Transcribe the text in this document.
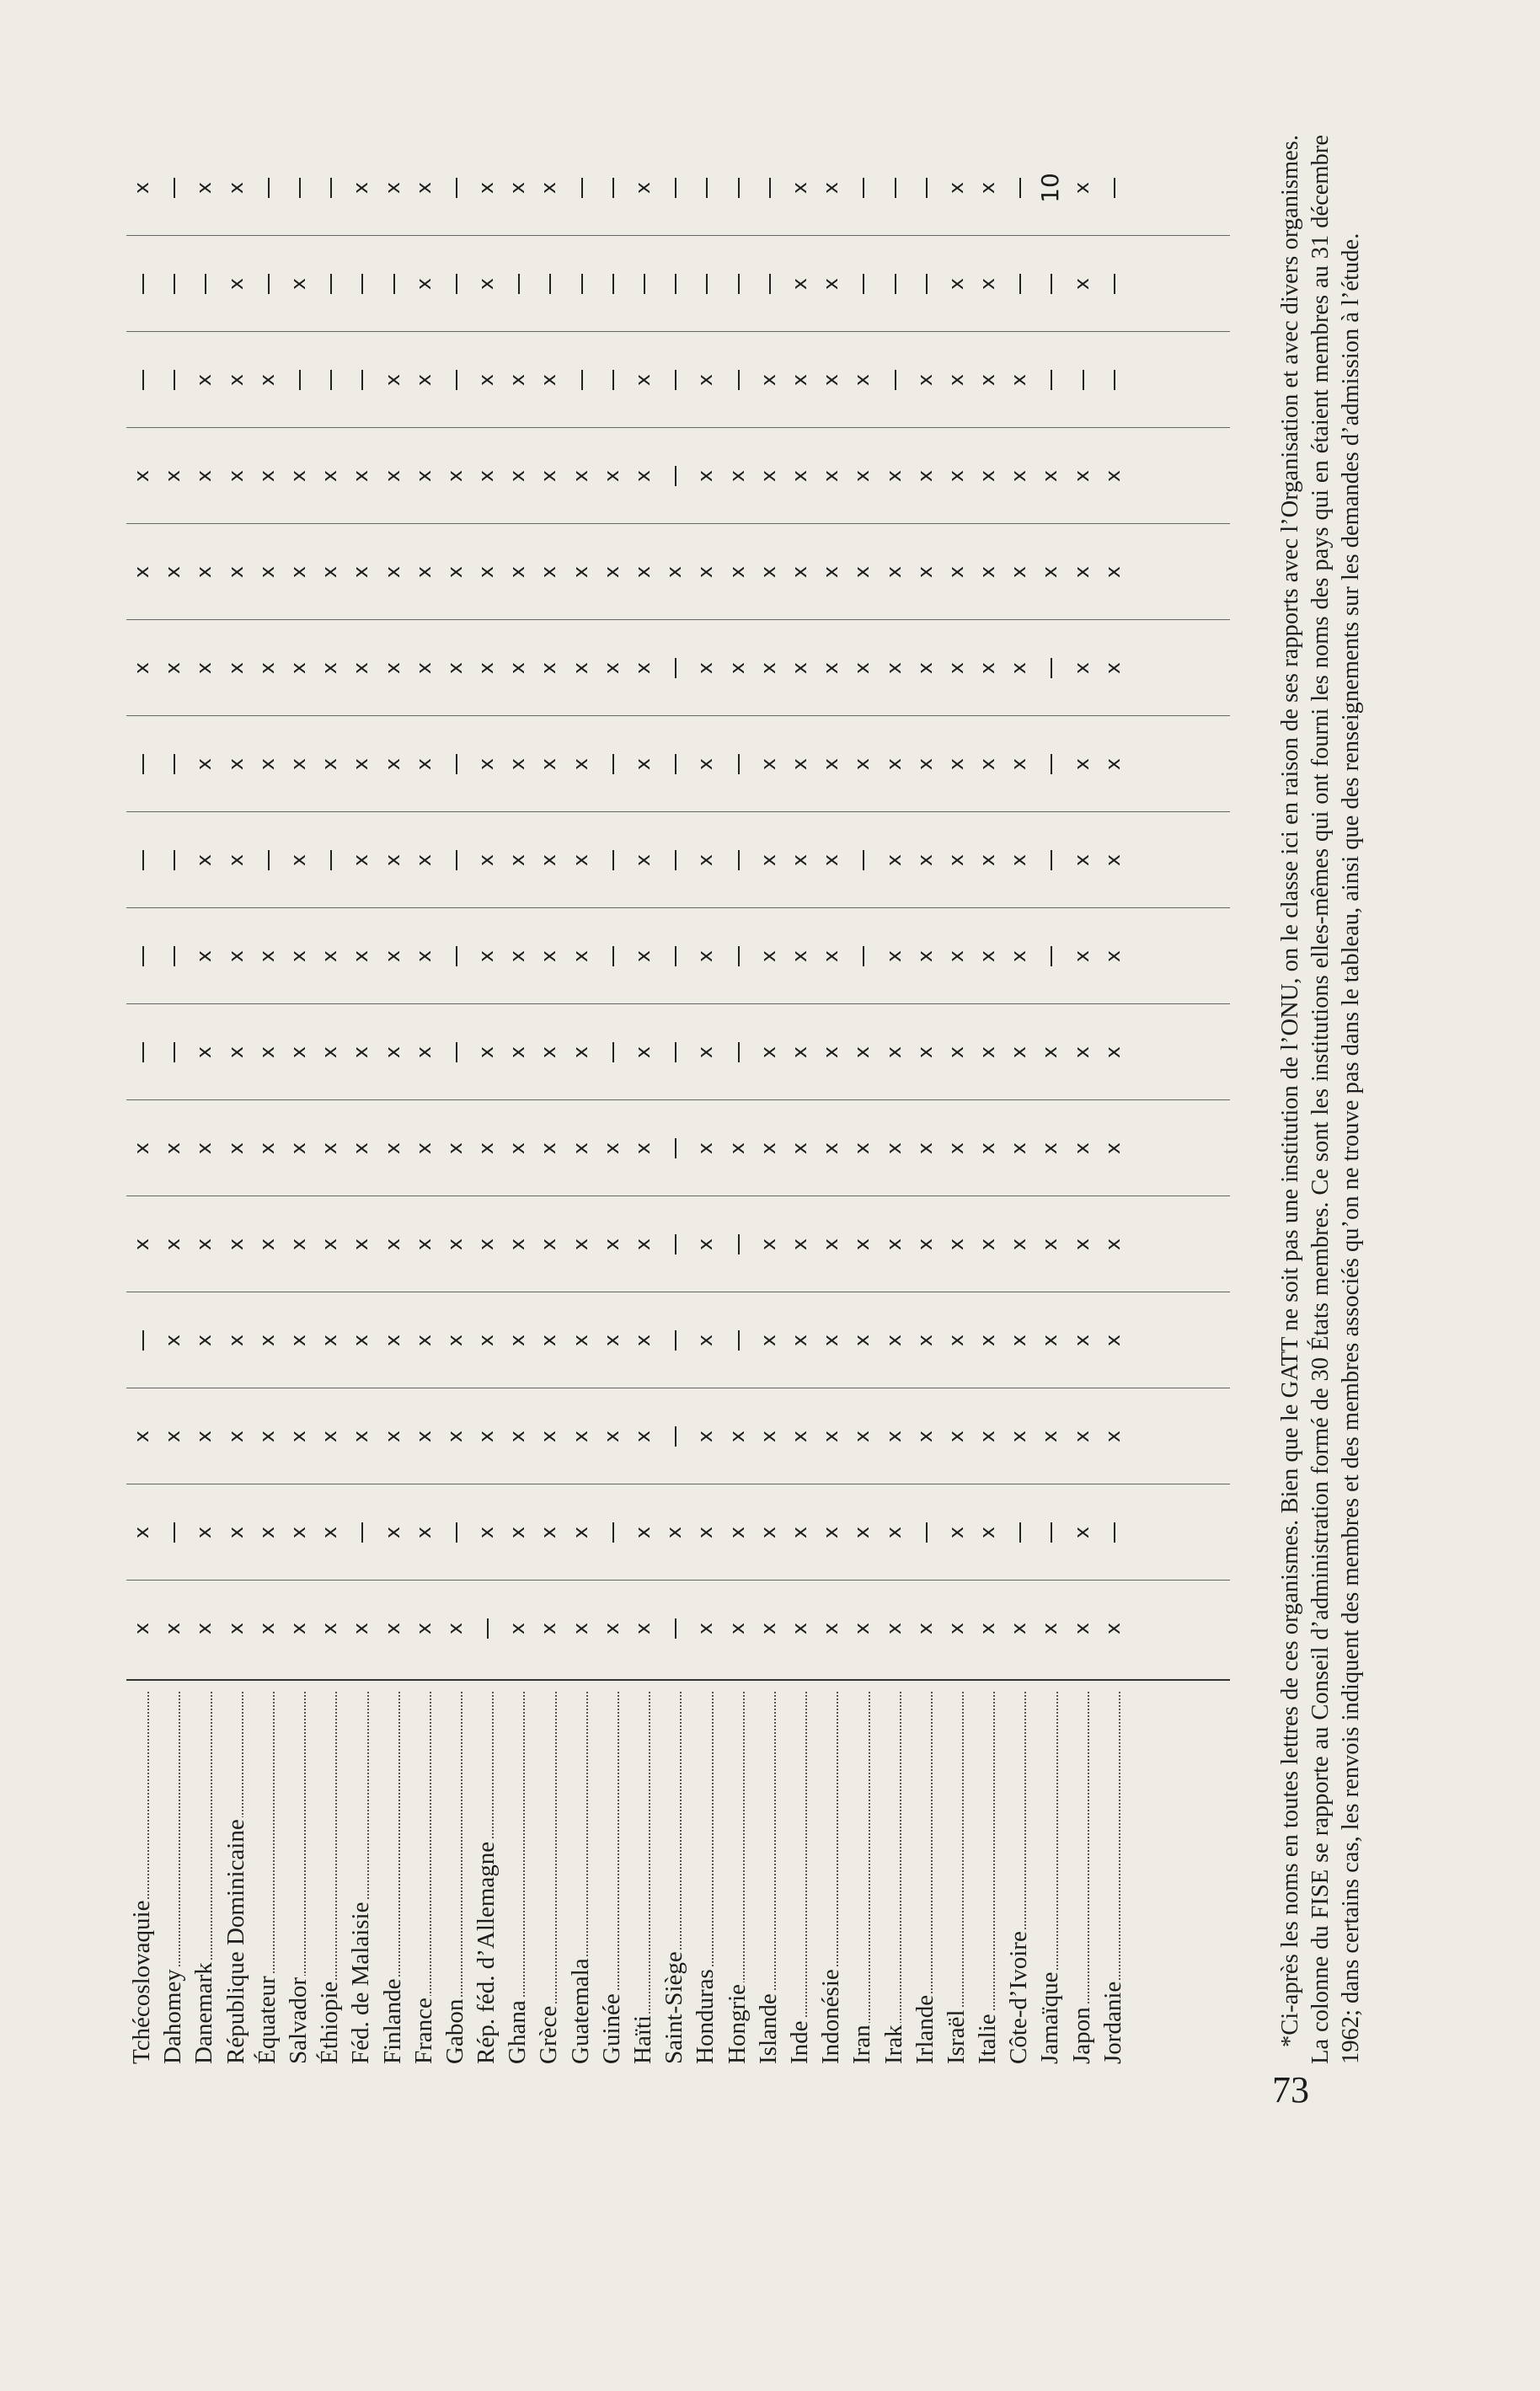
Tchécoslovaquie
x
x
x
x
x
x
x
x
x
Dahomey
x
x
x
x
x
x
x
x
Danemark
x
x
x
x
x
x
x
x
x
x
x
x
x
x
x
République Dominicaine
x
x
x
x
x
x
x
x
x
x
x
x
x
x
x
x
Équateur
x
x
x
x
x
x
x
x
x
x
x
x
x
Salvador
x
x
x
x
x
x
x
x
x
x
x
x
x
x
Éthiopie
x
x
x
x
x
x
x
x
x
x
x
x
Féd. de Malaisie
x
x
x
x
x
x
x
x
x
x
x
x
x
Finlande
x
x
x
x
x
x
x
x
x
x
x
x
x
x
x
France
x
x
x
x
x
x
x
x
x
x
x
x
x
x
x
x
Gabon
x
x
x
x
x
x
x
x
Rép. féd. d’Allemagne
x
x
x
x
x
x
x
x
x
x
x
x
x
x
x
Ghana
x
x
x
x
x
x
x
x
x
x
x
x
x
x
x
Grèce
x
x
x
x
x
x
x
x
x
x
x
x
x
x
x
Guatemala
x
x
x
x
x
x
x
x
x
x
x
x
x
Guinée
x
x
x
x
x
x
x
x
Haïti
x
x
x
x
x
x
x
x
x
x
x
x
x
x
x
Saint-Siège
x
x
Honduras
x
x
x
x
x
x
x
x
x
x
x
x
x
x
Hongrie
x
x
x
x
x
x
x
Islande
x
x
x
x
x
x
x
x
x
x
x
x
x
x
Inde
x
x
x
x
x
x
x
x
x
x
x
x
x
x
x
x
Indonésie
x
x
x
x
x
x
x
x
x
x
x
x
x
x
x
x
Iran
x
x
x
x
x
x
x
x
x
x
x
x
Irak
x
x
x
x
x
x
x
x
x
x
x
x
x
Irlande
x
x
x
x
x
x
x
x
x
x
x
x
x
Israël
x
x
x
x
x
x
x
x
x
x
x
x
x
x
x
x
Italie
x
x
x
x
x
x
x
x
x
x
x
x
x
x
x
x
Côte-d’Ivoire
x
x
x
x
x
x
x
x
x
x
x
x
x
Jamaïque
x
x
x
x
x
x
x
x
10
Japon
x
x
x
x
x
x
x
x
x
x
x
x
x
x
x
Jordanie
x
x
x
x
x
x
x
x
x
x
x
x	*Ci-après les noms en toutes lettres de ces organismes. Bien que le GATT ne soit pas une institution de l’ONU, on le classe ici en raison de ses rapports avec l’Organisation et avec divers organismes. La colonne du FISE se rapporte au Conseil d’administration formé de 30 États membres. Ce sont les institutions elles-mêmes qui ont fourni les noms des pays qui en étaient membres au 31 décembre 1962; dans certains cas, les renvois indiquent des membres et des membres associés qu’on ne trouve pas dans le tableau, ainsi que des renseignements sur les demandes d’admission à l’étude.

73
